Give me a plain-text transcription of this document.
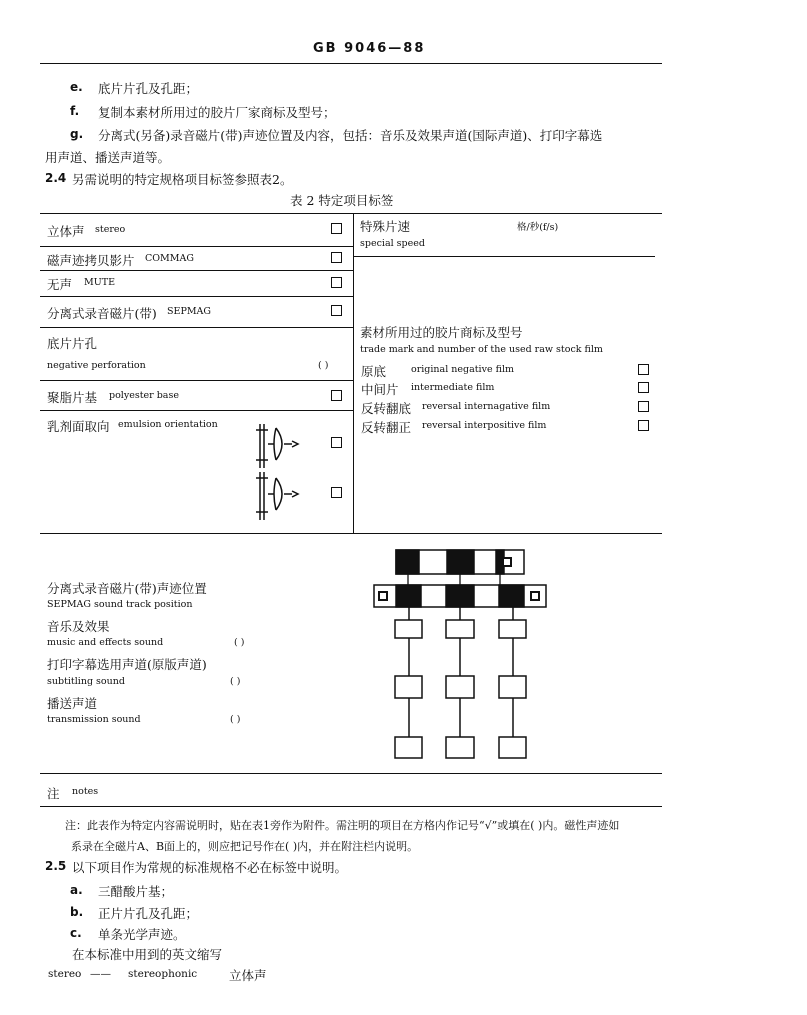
GB 9046—88
e. 底片片孔及孔距；
f. 复制本素材所用过的胶片厂家商标及型号；
g. 分离式(另备)录音磁片(带)声迹位置及内容，包括：音乐及效果声道(国际声道)、打印字幕选
用声道、播送声道等。
2.4 另需说明的特定规格项目标签参照表2。
表 2 特定项目标签
立体声 stereo
磁声迹拷贝影片 COMMAG
无声 MUTE
分离式录音磁片(带) SEPMAG
底片片孔
negative perforation	( )
聚脂片基 polyester base
乳剂面取向 emulsion orientation
特殊片速	格/秒(f/s)
special speed
素材所用过的胶片商标及型号
trade mark and number of the used raw stock film
原底	original negative film
中间片 intermediate film
反转翻底 reversal internagative film
反转翻正 reversal interpositive film
分离式录音磁片(带)声迹位置
SEPMAG sound track position
音乐及效果
music and effects sound	( )
打印字幕选用声道(原版声道)
subtitling sound	( )
播送声道
transmission sound	( )
注 notes
注：此表作为特定内容需说明时，贴在表1旁作为附件。需注明的项目在方格内作记号“√”或填在( )内。磁性声迹如
系录在全磁片A、B面上的，则应把记号作在( )内，并在附注栏内说明。
2.5 以下项目作为常规的标准规格不必在标签中说明。
a. 三醋酸片基；
b. 正片片孔及孔距；
c. 单条光学声迹。
在本标准中用到的英文缩写
stereo —— stereophonic	立体声
